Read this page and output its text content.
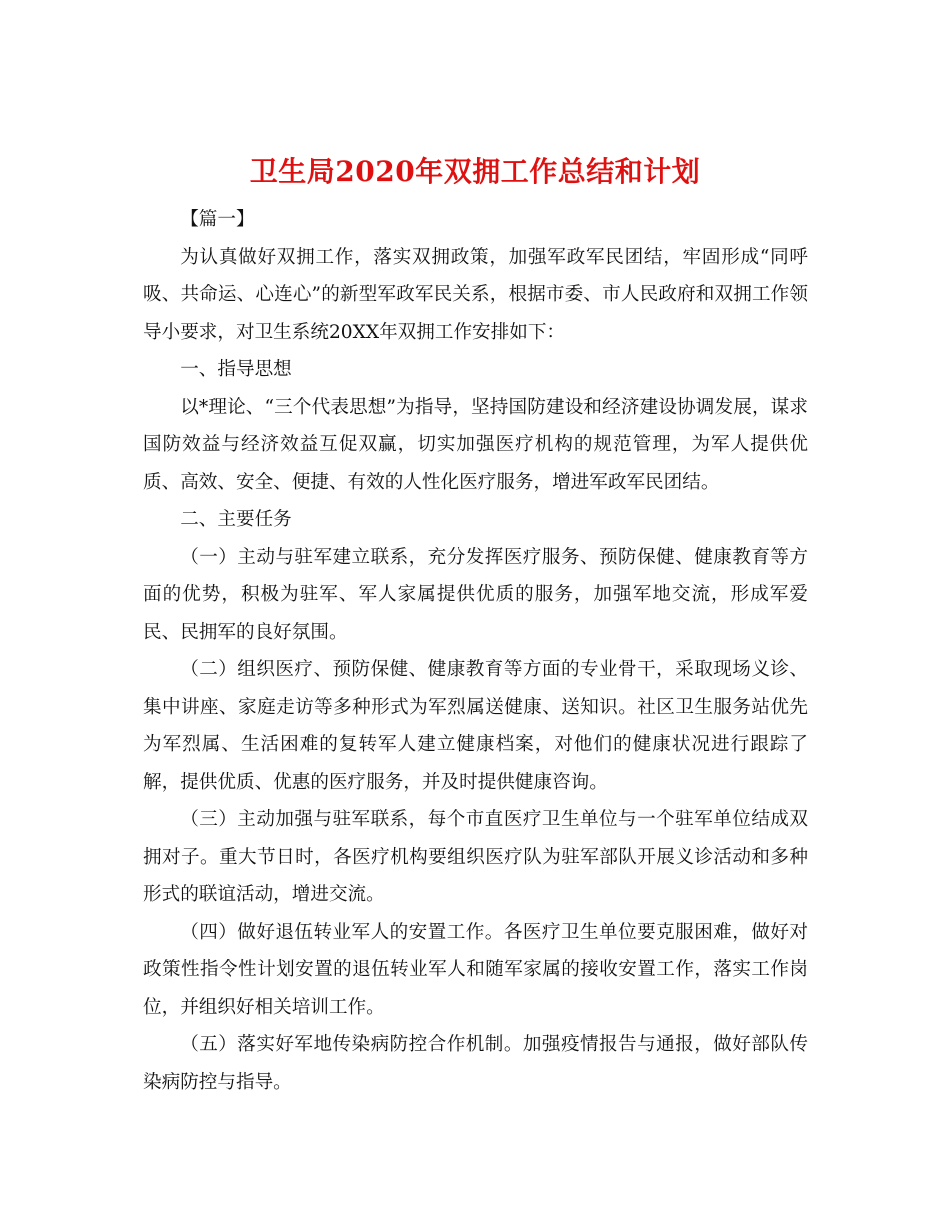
卫生局2020年双拥工作总结和计划

【篇一】

为认真做好双拥工作，落实双拥政策，加强军政军民团结，牢固形成“同呼吸、共命运、心连心”的新型军政军民关系，根据市委、市人民政府和双拥工作领导小要求，对卫生系统20XX年双拥工作安排如下：

一、指导思想

以*理论、“三个代表思想”为指导，坚持国防建设和经济建设协调发展，谋求国防效益与经济效益互促双赢，切实加强医疗机构的规范管理，为军人提供优质、高效、安全、便捷、有效的人性化医疗服务，增进军政军民团结。

二、主要任务

（一）主动与驻军建立联系，充分发挥医疗服务、预防保健、健康教育等方面的优势，积极为驻军、军人家属提供优质的服务，加强军地交流，形成军爱民、民拥军的良好氛围。

（二）组织医疗、预防保健、健康教育等方面的专业骨干，采取现场义诊、集中讲座、家庭走访等多种形式为军烈属送健康、送知识。社区卫生服务站优先为军烈属、生活困难的复转军人建立健康档案，对他们的健康状况进行跟踪了解，提供优质、优惠的医疗服务，并及时提供健康咨询。

（三）主动加强与驻军联系，每个市直医疗卫生单位与一个驻军单位结成双拥对子。重大节日时，各医疗机构要组织医疗队为驻军部队开展义诊活动和多种形式的联谊活动，增进交流。

（四）做好退伍转业军人的安置工作。各医疗卫生单位要克服困难，做好对政策性指令性计划安置的退伍转业军人和随军家属的接收安置工作，落实工作岗位，并组织好相关培训工作。

（五）落实好军地传染病防控合作机制。加强疫情报告与通报，做好部队传染病防控与指导。
